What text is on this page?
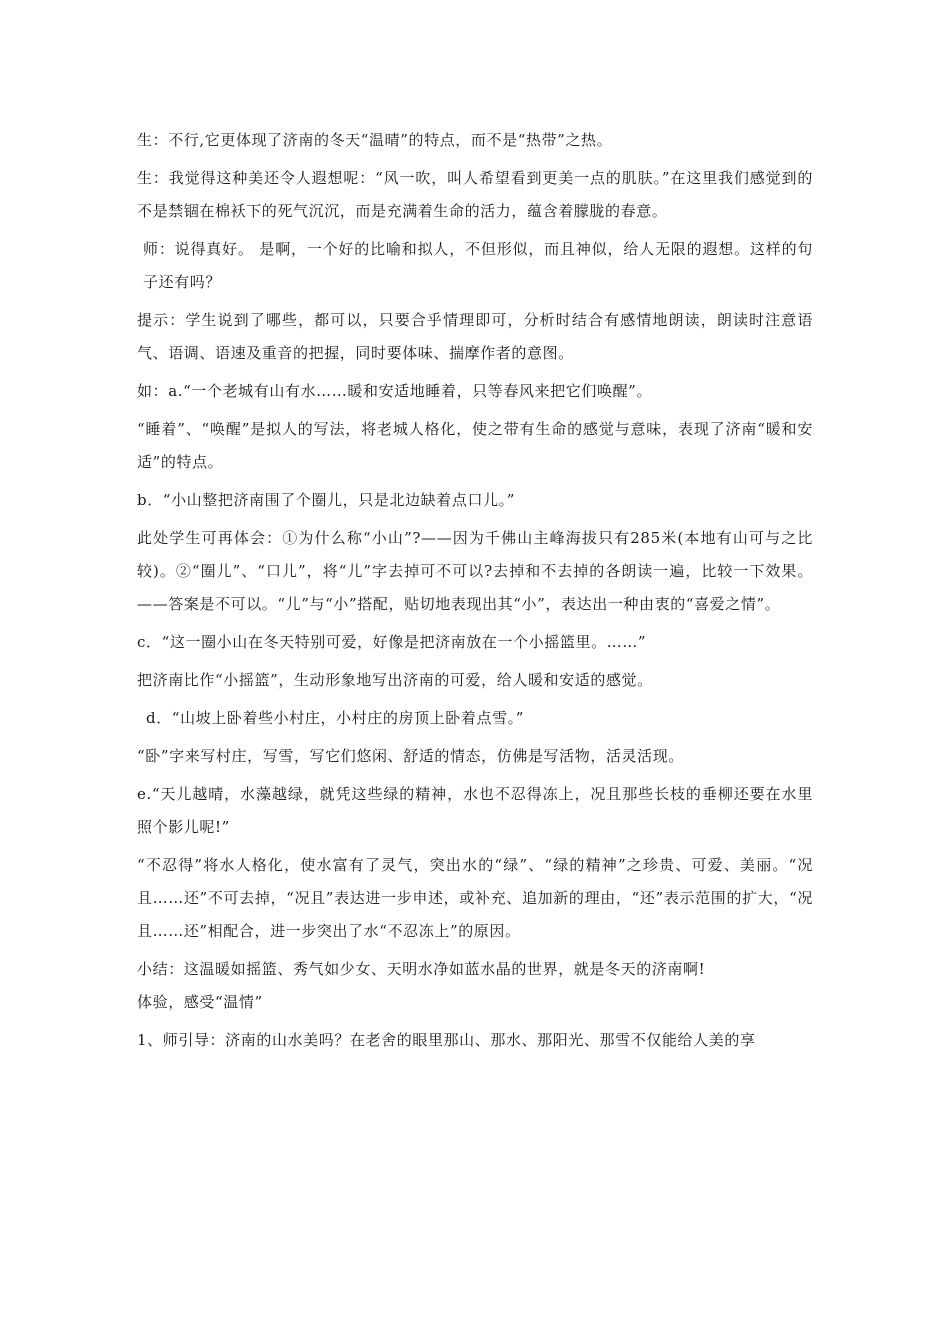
生：不行,它更体现了济南的冬天“温晴”的特点，而不是“热带”之热。

生：我觉得这种美还令人遐想呢：“风一吹，叫人希望看到更美一点的肌肤。”在这里我们感觉到的不是禁锢在棉袄下的死气沉沉，而是充满着生命的活力，蕴含着朦胧的春意。

师：说得真好。 是啊，一个好的比喻和拟人，不但形似，而且神似，给人无限的遐想。这样的句子还有吗？

提示：学生说到了哪些，都可以，只要合乎情理即可，分析时结合有感情地朗读，朗读时注意语气、语调、语速及重音的把握，同时要体味、揣摩作者的意图。

如：a.“一个老城有山有水……暖和安适地睡着，只等春风来把它们唤醒”。

“睡着”、“唤醒”是拟人的写法，将老城人格化，使之带有生命的感觉与意味，表现了济南“暖和安适”的特点。

b．“小山整把济南围了个圈儿，只是北边缺着点口儿。”

此处学生可再体会：①为什么称“小山”?——因为千佛山主峰海拔只有285米(本地有山可与之比较)。②“圈儿”、“口儿”，将“儿”字去掉可不可以?去掉和不去掉的各朗读一遍，比较一下效果。——答案是不可以。“儿”与“小”搭配，贴切地表现出其“小”，表达出一种由衷的“喜爱之情”。

c．“这一圈小山在冬天特别可爱，好像是把济南放在一个小摇篮里。……”

把济南比作“小摇篮”，生动形象地写出济南的可爱，给人暖和安适的感觉。

d．“山坡上卧着些小村庄，小村庄的房顶上卧着点雪。”

“卧”字来写村庄，写雪，写它们悠闲、舒适的情态，仿佛是写活物，活灵活现。

e.“天儿越晴，水藻越绿，就凭这些绿的精神，水也不忍得冻上，况且那些长枝的垂柳还要在水里照个影儿呢!”

“不忍得”将水人格化，使水富有了灵气，突出水的“绿”、“绿的精神”之珍贵、可爱、美丽。“况且……还”不可去掉，“况且”表达进一步申述，或补充、追加新的理由，“还”表示范围的扩大，“况且……还”相配合，进一步突出了水“不忍冻上”的原因。

小结：这温暖如摇篮、秀气如少女、天明水净如蓝水晶的世界，就是冬天的济南啊!

体验，感受“温情”

1、师引导：济南的山水美吗？在老舍的眼里那山、那水、那阳光、那雪不仅能给人美的享
